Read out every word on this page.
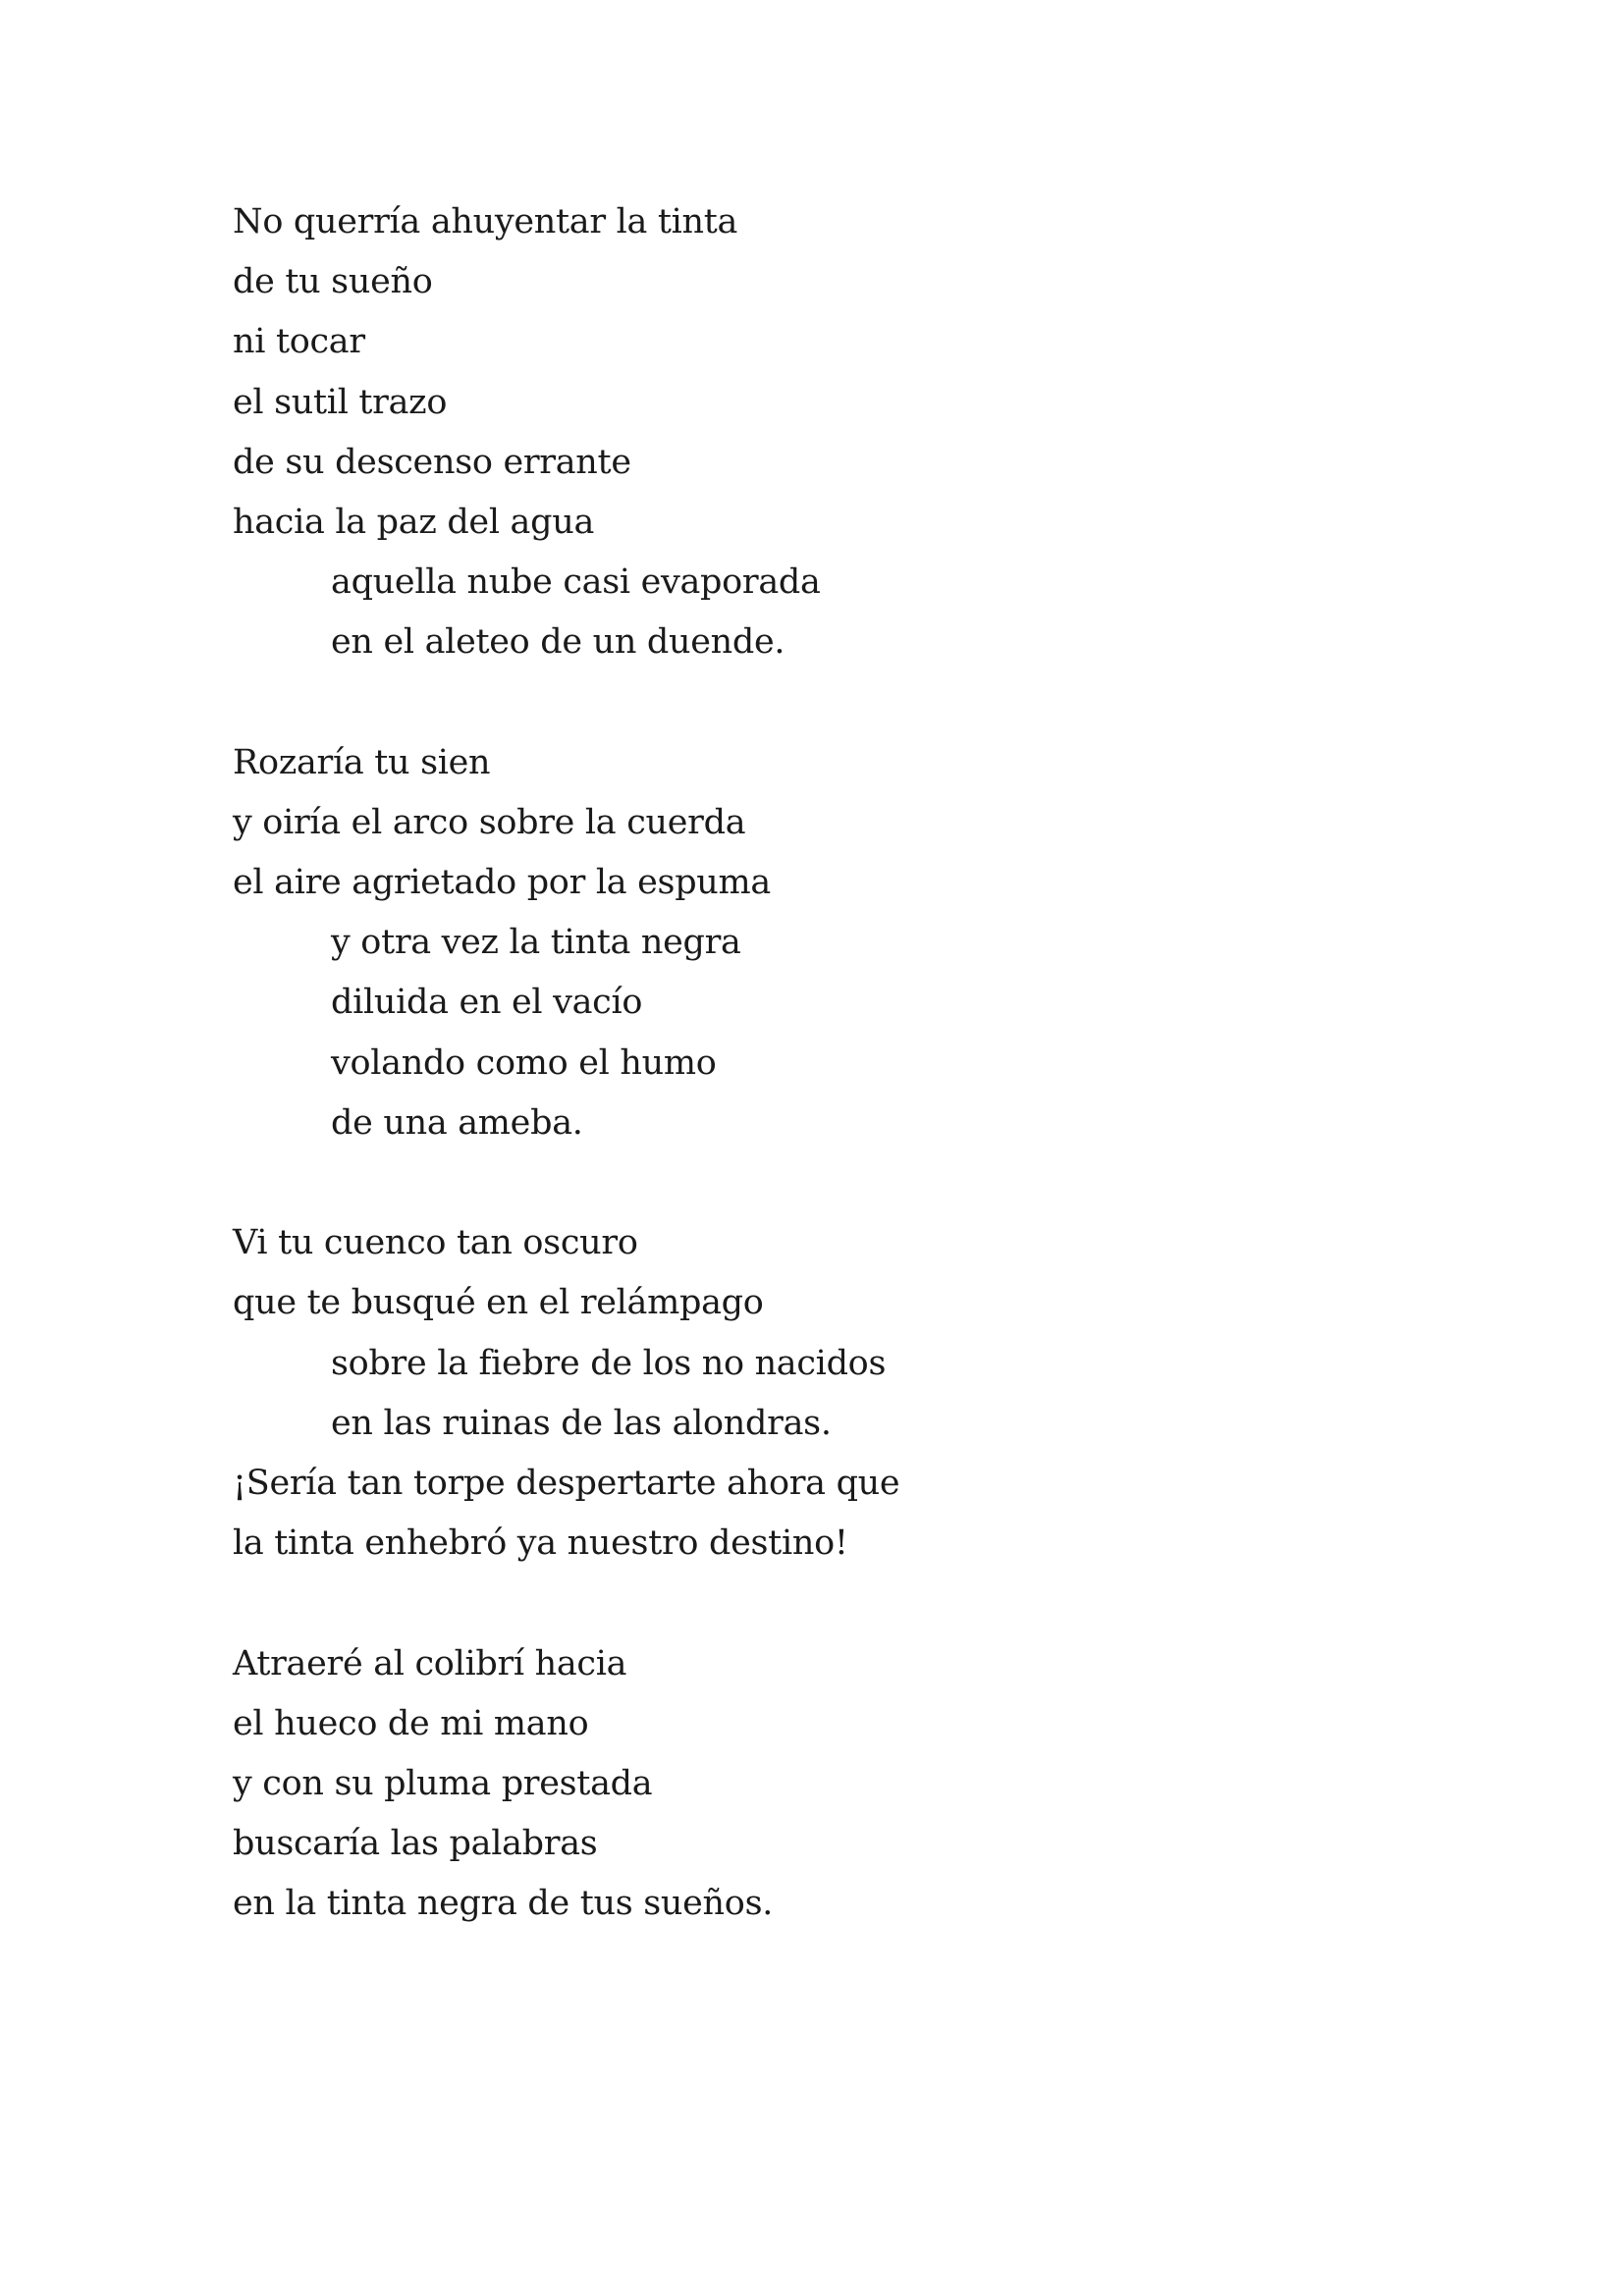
No querría ahuyentar la tinta
de tu sueño
ni tocar
el sutil trazo
de su descenso errante
hacia la paz del agua
aquella nube casi evaporada
en el aleteo de un duende.
Rozaría tu sien
y oiría el arco sobre la cuerda
el aire agrietado por la espuma
y otra vez la tinta negra
diluida en el vacío
volando como el humo
de una ameba.
Vi tu cuenco tan oscuro
que te busqué en el relámpago
sobre la fiebre de los no nacidos
en las ruinas de las alondras.
¡Sería tan torpe despertarte ahora que
la tinta enhebró ya nuestro destino!
Atraeré al colibrí hacia
el hueco de mi mano
y con su pluma prestada
buscaría las palabras
en la tinta negra de tus sueños.
